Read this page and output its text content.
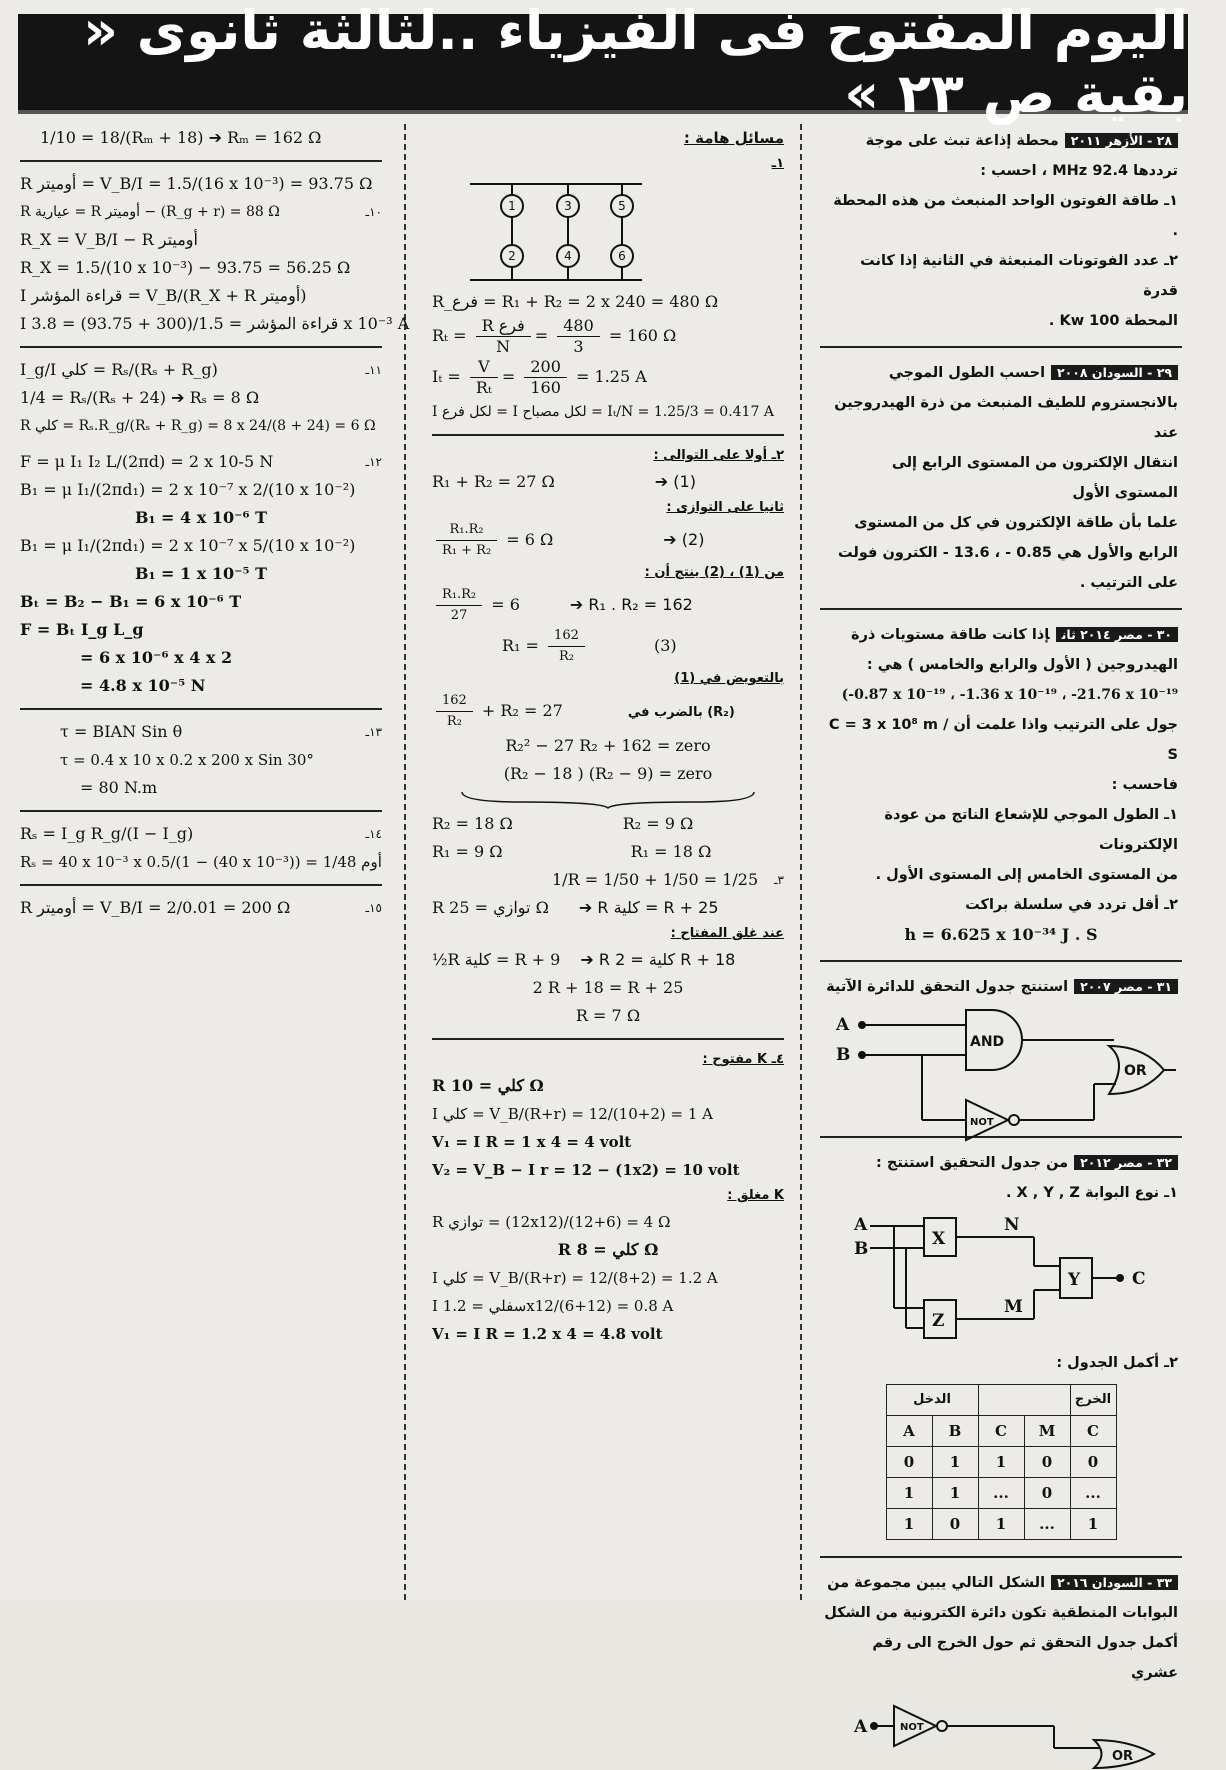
اليوم المفتوح فى الفيزياء ..لثالثة ثانوى « بقية ص ٢٣ »
٢٨ - الأزهر ٢٠١١محطة إذاعة تبث على موجة
ترددها 92.4 MHz ، احسب :
١ـ طاقة الفوتون الواحد المنبعث من هذه المحطة .
٢ـ عدد الفوتونات المنبعثة في الثانية إذا كانت قدرة
المحطة 100 Kw .
٢٩ - السودان ٢٠٠٨احسب الطول الموجي
بالانجستروم للطيف المنبعث من ذرة الهيدروجين عند
انتقال الإلكترون من المستوى الرابع إلى المستوى الأول
علما بأن طاقة الإلكترون في كل من المستوى
الرابع والأول هي 0.85 - ، 13.6 - الكترون فولت
على الترتيب .
٣٠ - مصر ٢٠١٤ ثانإذا كانت طاقة مستويات ذرة
الهيدروجين ( الأول والرابع والخامس ) هي :
(-0.87 x 10⁻¹⁹ ، -1.36 x 10⁻¹⁹ ، -21.76 x 10⁻¹⁹
جول على الترتيب واذا علمت أن C = 3 x 10⁸ m / S
فاحسب :
١ـ الطول الموجي للإشعاع الناتج من عودة الإلكترونات
من المستوى الخامس إلى المستوى الأول .
٢ـ أقل تردد في سلسلة براكت
h = 6.625 x 10⁻³⁴ J . S
٣١ - مصر ٢٠٠٧استنتج جدول التحقق للدائرة الآتية
A
B
AND
NOT
OR
٣٢ - مصر ٢٠١٢من جدول التحقيق استنتج :
١ـ نوع البوابة X , Y , Z .
A
B	X
Y
Z
N
M
C
٢ـ أكمل الجدول :
الخرج			الدخل	
C	M	C	B	A
0	0	1	1	0
...	0	...	1	1
1	...	1	0	1
٣٣ - السودان ٢٠١٦الشكل التالي يبين مجموعة من
البوابات المنطقية تكون دائرة الكترونية من الشكل
أكمل جدول التحقق ثم حول الخرج الى رقم عشري
A	NOT
OR
مسائل هامة :
١ـ
1
2
3
4
5
6
R_فرع = R₁ + R₂ = 2 x 240 = 480 Ω
$R_t = \frac{\text{R فرع}}{N} = \frac{480}{3} = 160$ Ω
$I_t = \frac{V}{\text{Rₜ}} = \frac{200}{160} = 1.25$ A
I لكل فرع = I لكل مصباح = Iₜ/N = 1.25/3 = 0.417 A
٢ـ أولا على التوالى :
R₁ + R₂ = 27 Ω	➔ (1)
ثانيا على التوازى :
$\frac{\text{R₁.R₂}}{\text{R₁ + R₂}} = 6$ Ω	➔ (2)
من (1) ، (2) ينتج أن :
$\frac{\text{R₁.R₂}}{27} = 6$	➔ R₁ . R₂ = 162
$R_1 = \frac{162}{\text{R₂}}$	(3)
بالتعويض في (1)
$\frac{162}{\text{R₂}} + R_2 = 27$	بالضرب في (R₂)
R₂² − 27 R₂ + 162 = zero
(R₂ − 18 ) (R₂ − 9) = zero
R₂ = 18 Ω	R₂ = 9 Ω
R₁ = 9 Ω	R₁ = 18 Ω
1/R = 1/50 + 1/50 = 1/25 ٣ـ
R توازي = 25 Ω ➔ R كلية = R + 25
عند غلق المفتاح :
½R كلية = R + 9 ➔ R كلية = 2 R + 18
2 R + 18 = R + 25
R = 7 Ω
٤ـ K مفتوح :
R كلي = 10 Ω
I كلي = V_B/(R+r) = 12/(10+2) = 1 A
V₁ = I R = 1 x 4 = 4 volt
V₂ = V_B − I r = 12 − (1x2) = 10 volt
K مغلق :
R توازي = (12x12)/(12+6) = 4 Ω
R كلي = 8 Ω
I كلي = V_B/(R+r) = 12/(8+2) = 1.2 A
I سفلي = 1.2x12/(6+12) = 0.8 A
V₁ = I R = 1.2 x 4 = 4.8 volt
1/10 = 18/(Rₘ + 18) ➔ Rₘ = 162 Ω
R أوميتر = V_B/I = 1.5/(16 x 10⁻³) = 93.75 Ω
١٠ـ
R عيارية = R أوميتر − (R_g + r) = 88 Ω
R_X = V_B/I − R أوميتر
R_X = 1.5/(10 x 10⁻³) − 93.75 = 56.25 Ω
I قراءة المؤشر = V_B/(R_X + R أوميتر)
I قراءة المؤشر = 1.5/(300 + 93.75) = 3.8 x 10⁻³ A
I_g/I كلي = Rₛ/(Rₛ + R_g)	١١ـ
1/4 = Rₛ/(Rₛ + 24) ➔ Rₛ = 8 Ω
R كلي = Rₛ.R_g/(Rₛ + R_g) = 8 x 24/(8 + 24) = 6 Ω
F = μ I₁ I₂ L/(2πd) = 2 x 10-5 N	١٢ـ
B₁ = μ I₁/(2πd₁) = 2 x 10⁻⁷ x 2/(10 x 10⁻²)
B₁ = 4 x 10⁻⁶ T
B₁ = μ I₁/(2πd₁) = 2 x 10⁻⁷ x 5/(10 x 10⁻²)
B₁ = 1 x 10⁻⁵ T
Bₜ = B₂ − B₁ = 6 x 10⁻⁶ T
F = Bₜ I_g L_g
= 6 x 10⁻⁶ x 4 x 2
= 4.8 x 10⁻⁵ N
τ = BIAN Sin θ	١٣ـ
τ = 0.4 x 10 x 0.2 x 200 x Sin 30°
= 80 N.m
Rₛ = I_g R_g/(I − I_g)	١٤ـ
Rₛ = 40 x 10⁻³ x 0.5/(1 − (40 x 10⁻³)) = 1/48 أوم
R أوميتر = V_B/I = 2/0.01 = 200 Ω	١٥ـ
